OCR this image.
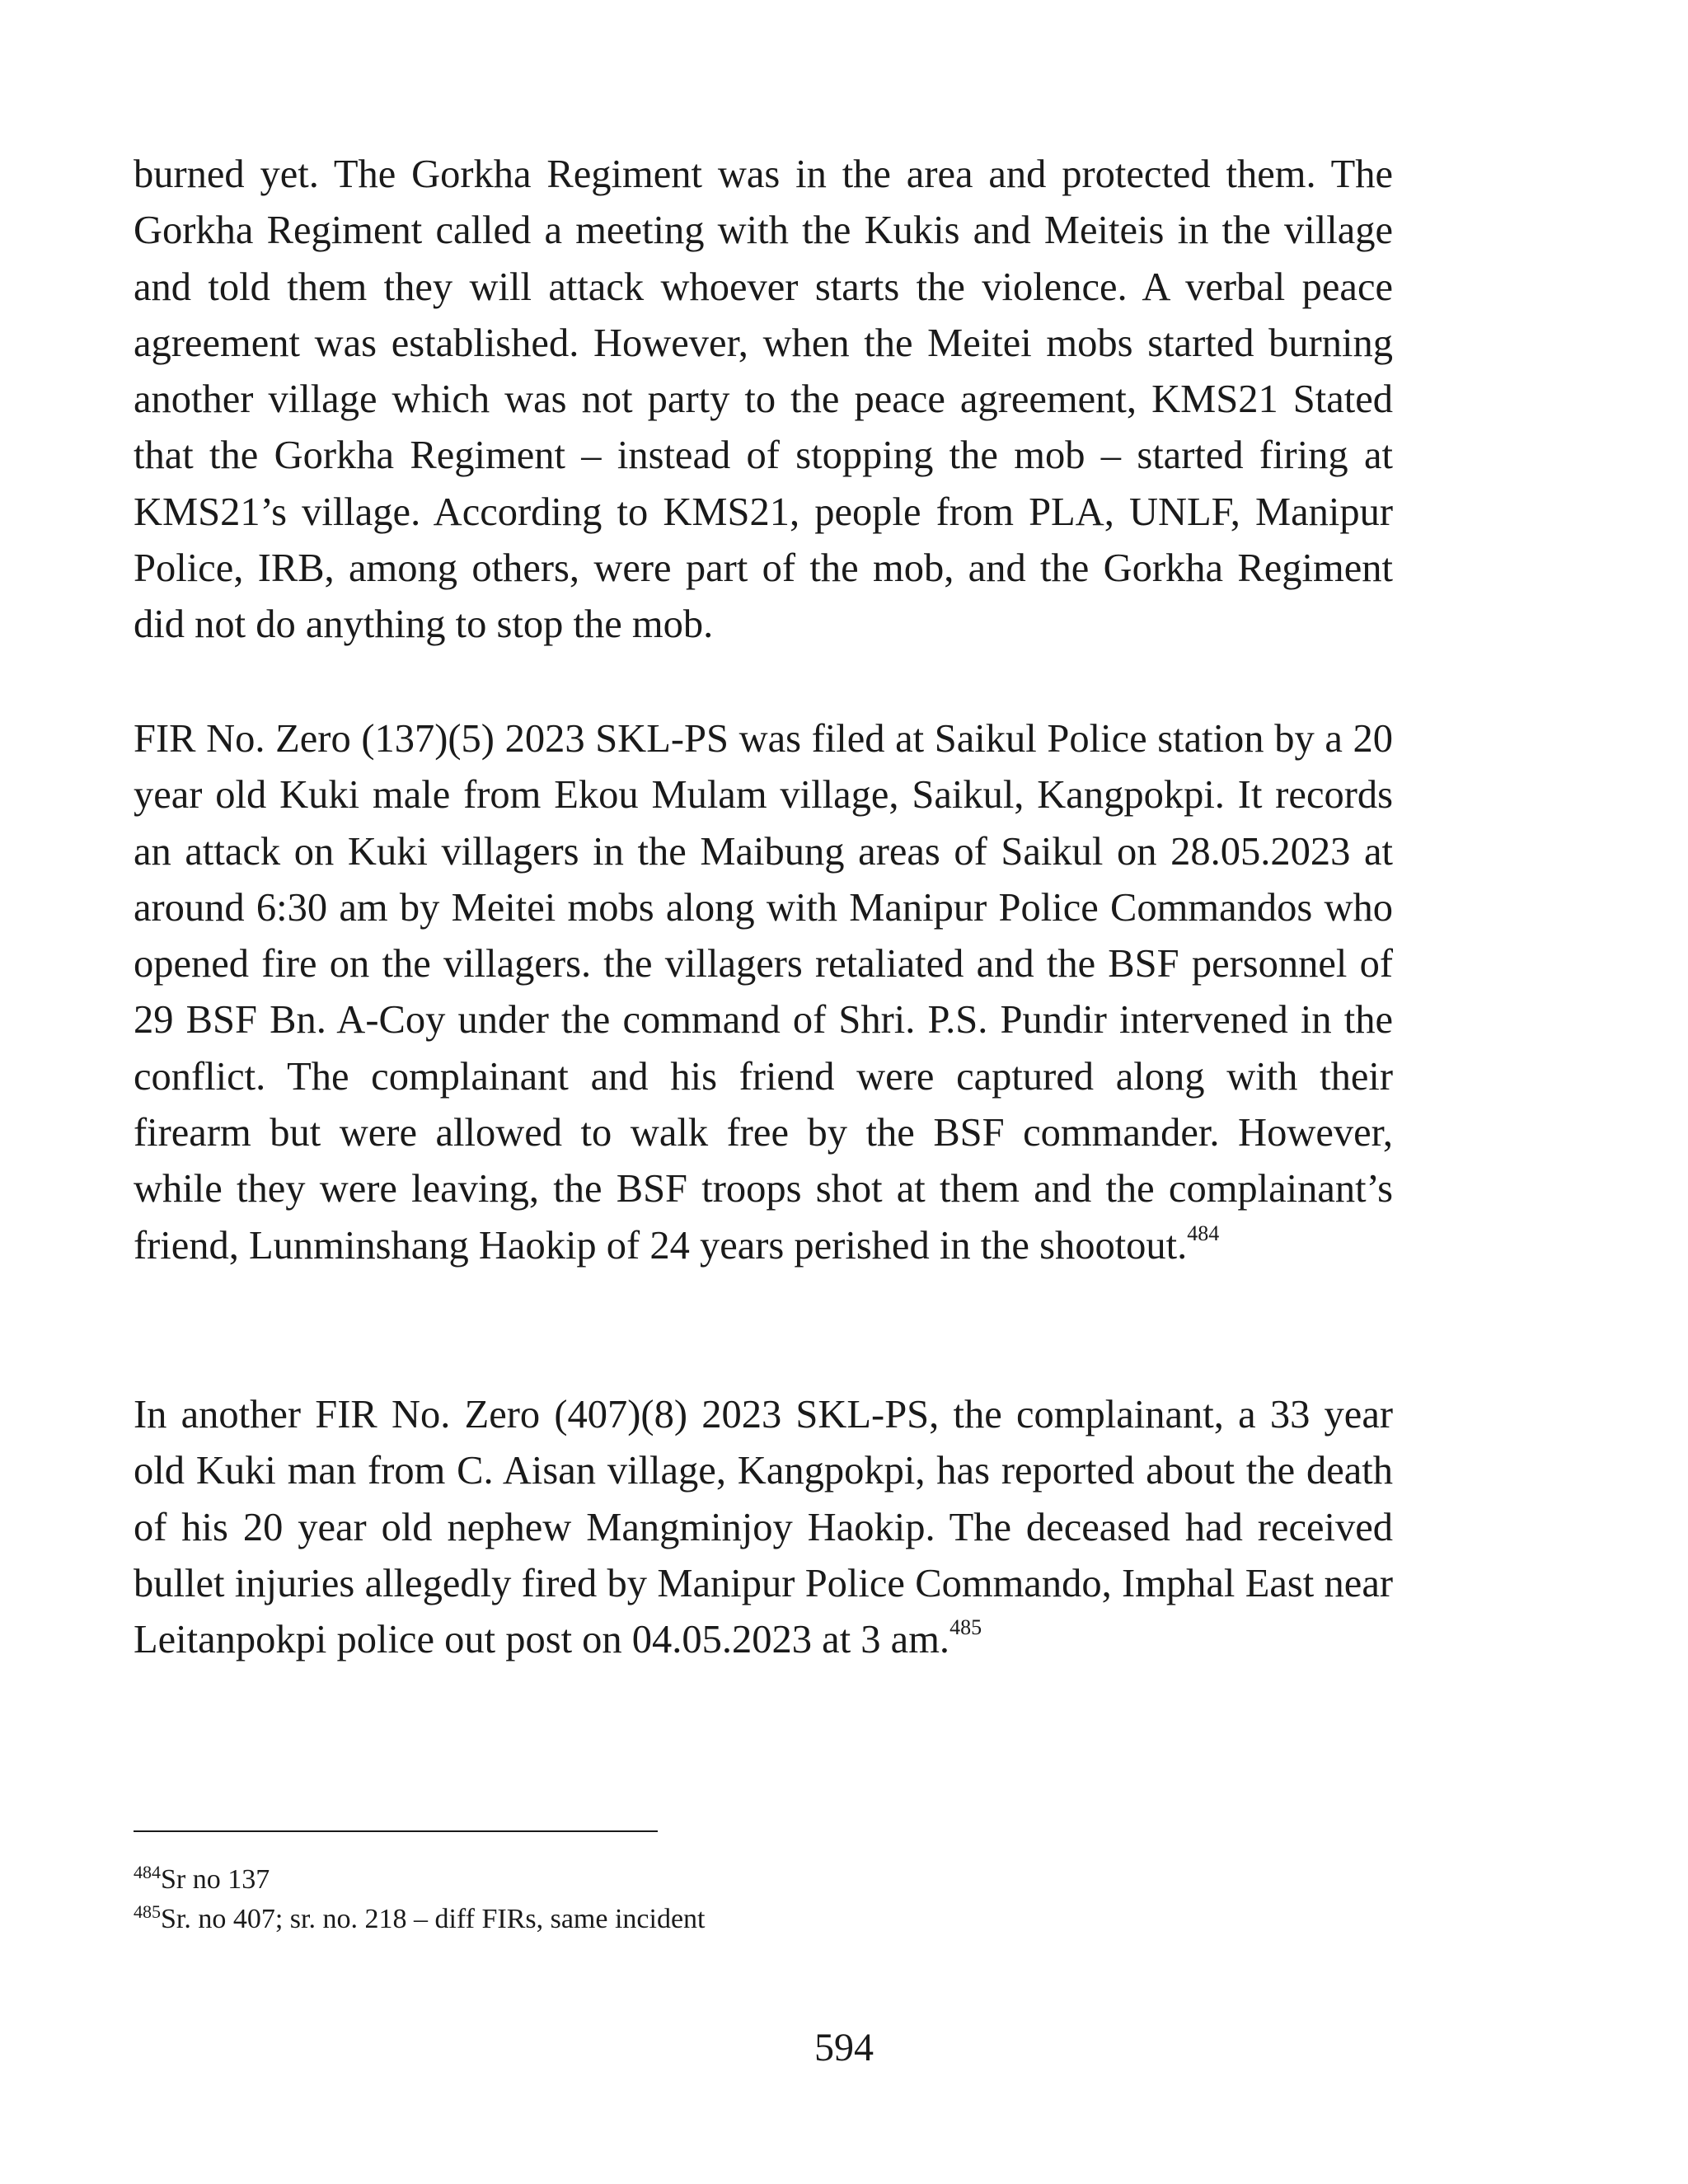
burned yet. The Gorkha Regiment was in the area and protected them. The Gorkha Regiment called a meeting with the Kukis and Meiteis in the village and told them they will attack whoever starts the violence. A verbal peace agreement was established. However, when the Meitei mobs started burning another village which was not party to the peace agreement, KMS21 Stated that the Gorkha Regiment – instead of stopping the mob – started firing at KMS21’s village. According to KMS21, people from PLA, UNLF, Manipur Police, IRB, among others, were part of the mob, and the Gorkha Regiment did not do anything to stop the mob.

FIR No. Zero (137)(5) 2023 SKL-PS was filed at Saikul Police station by a 20 year old Kuki male from Ekou Mulam village, Saikul, Kangpokpi. It records an attack on Kuki villagers in the Maibung areas of Saikul on 28.05.2023 at around 6:30 am by Meitei mobs along with Manipur Police Commandos who opened fire on the villagers. the villagers retaliated and the BSF personnel of 29 BSF Bn. A-Coy under the command of Shri. P.S. Pundir intervened in the conflict. The complainant and his friend were captured along with their firearm but were allowed to walk free by the BSF commander. However, while they were leaving, the BSF troops shot at them and the complainant’s friend, Lunminshang Haokip of 24 years perished in the shootout.$^{484}$

In another FIR No. Zero (407)(8) 2023 SKL-PS, the complainant, a 33 year old Kuki man from C. Aisan village, Kangpokpi, has reported about the death of his 20 year old nephew Mangminjoy Haokip. The deceased had received bullet injuries allegedly fired by Manipur Police Commando, Imphal East near Leitanpokpi police out post on 04.05.2023 at 3 am.$^{485}$

$^{484}$Sr no 137

$^{485}$Sr. no 407; sr. no. 218 – diff FIRs, same incident

594
